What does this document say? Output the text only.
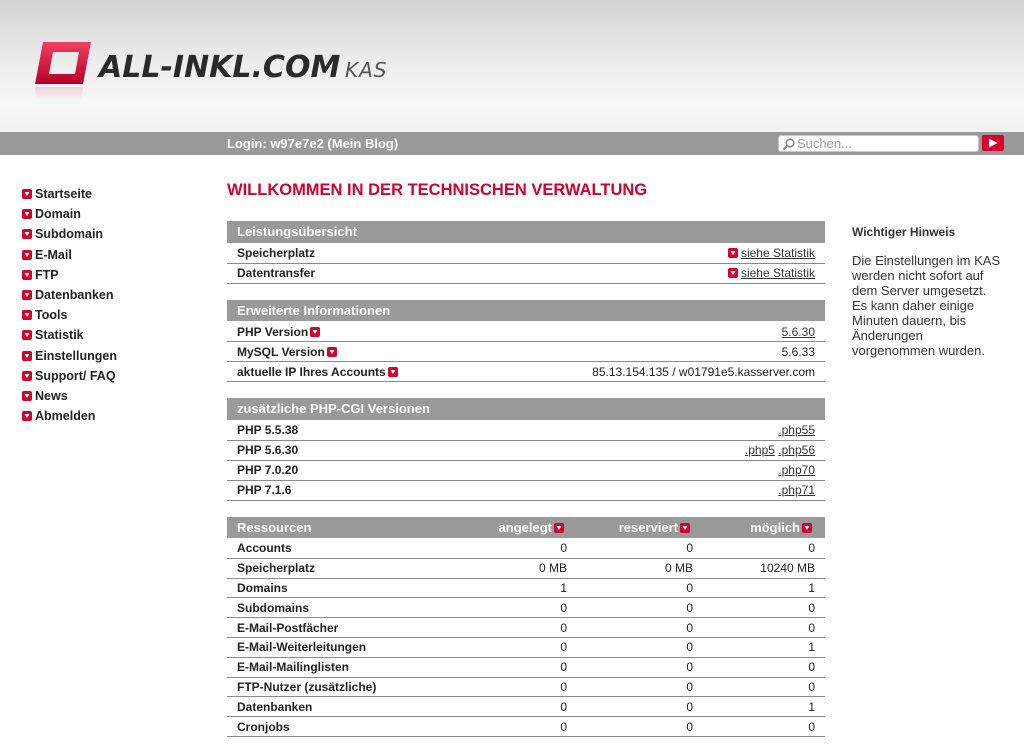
ALL-INKL.COM KAS
Login: w97e7e2 (Mein Blog)
Suchen...
Startseite
Domain
Subdomain
E-Mail
FTP
Datenbanken
Tools
Statistik
Einstellungen
Support/ FAQ
News
Abmelden
WILLKOMMEN IN DER TECHNISCHEN VERWALTUNG
Leistungsübersicht	
Speicherplatz	siehe Statistik
Datentransfer	siehe Statistik
Erweiterte Informationen	
PHP Version	5.6.30
MySQL Version	5.6.33
aktuelle IP Ihres Accounts	85.13.154.135 / w01791e5.kasserver.com
zusätzliche PHP-CGI Versionen	
PHP 5.5.38	.php55
PHP 5.6.30	.php5 .php56
PHP 7.0.20	.php70
PHP 7.1.6	.php71
Ressourcen	angelegt	reserviert	möglich
Accounts	0	0	0
Speicherplatz	0 MB	0 MB	10240 MB
Domains	1	0	1
Subdomains	0	0	0
E-Mail-Postfächer	0	0	0
E-Mail-Weiterleitungen	0	0	1
E-Mail-Mailinglisten	0	0	0
FTP-Nutzer (zusätzliche)	0	0	0
Datenbanken	0	0	1
Cronjobs	0	0	0
Wichtiger Hinweis
Die Einstellungen im KAS werden nicht sofort auf dem Server umgesetzt. Es kann daher einige Minuten dauern, bis Änderungen vorgenommen wurden.
